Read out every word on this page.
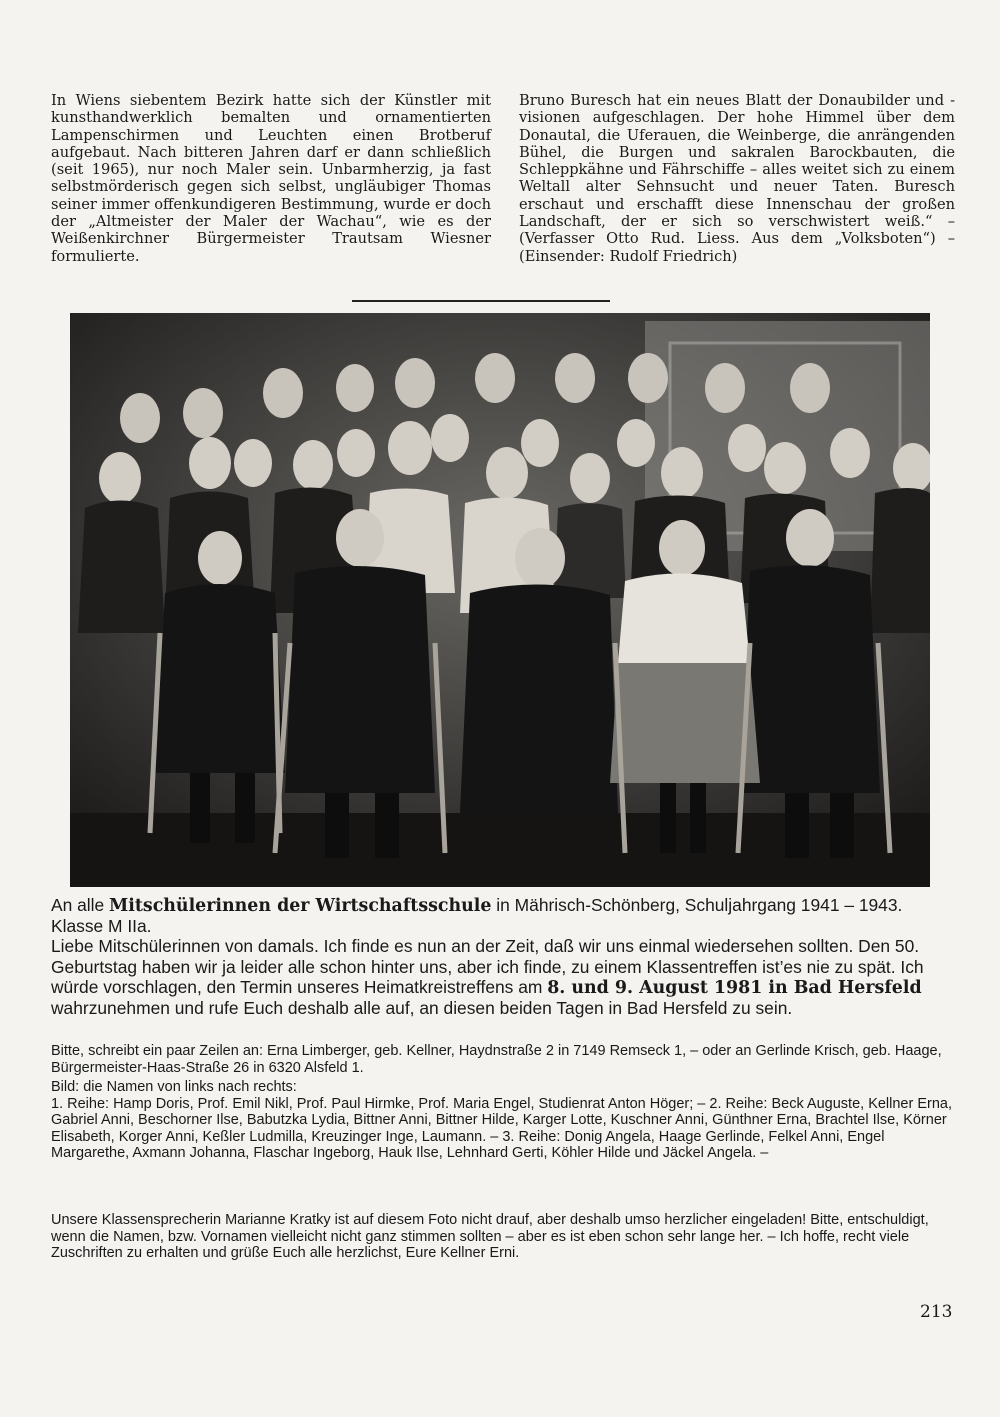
In Wiens siebentem Bezirk hatte sich der Künstler mit kunsthandwerklich bemalten und ornamentierten Lampenschirmen und Leuchten einen Brotberuf aufgebaut. Nach bitteren Jahren darf er dann schließlich (seit 1965), nur noch Maler sein. Unbarmherzig, ja fast selbstmörderisch gegen sich selbst, ungläubiger Thomas seiner immer offenkundigeren Bestimmung, wurde er doch der „Altmeister der Maler der Wachau“, wie es der Weißenkirchner Bürgermeister Trautsam Wiesner formulierte.

Bruno Buresch hat ein neues Blatt der Donaubilder und -visionen aufgeschlagen. Der hohe Himmel über dem Donautal, die Uferauen, die Weinberge, die anrängenden Bühel, die Burgen und sakralen Barockbauten, die Schleppkähne und Fährschiffe – alles weitet sich zu einem Weltall alter Sehnsucht und neuer Taten. Buresch erschaut und erschafft diese Innenschau der großen Landschaft, der er sich so verschwistert weiß.“ – (Verfasser Otto Rud. Liess. Aus dem „Volksboten“) – (Einsender: Rudolf Friedrich)

An alle Mitschülerinnen der Wirtschaftsschule in Mährisch-Schönberg, Schuljahrgang 1941 – 1943. Klasse M IIa.
Liebe Mitschülerinnen von damals. Ich finde es nun an der Zeit, daß wir uns einmal wiedersehen sollten. Den 50. Geburtstag haben wir ja leider alle schon hinter uns, aber ich finde, zu einem Klassentreffen ist’es nie zu spät. Ich würde vorschlagen, den Termin unseres Heimatkreistreffens am 8. und 9. August 1981 in Bad Hersfeld wahrzunehmen und rufe Euch deshalb alle auf, an diesen beiden Tagen in Bad Hersfeld zu sein.

Bitte, schreibt ein paar Zeilen an: Erna Limberger, geb. Kellner, Haydnstraße 2 in 7149 Remseck 1, – oder an Gerlinde Krisch, geb. Haage, Bürgermeister-Haas-Straße 26 in 6320 Alsfeld 1.

Bild: die Namen von links nach rechts:
1. Reihe: Hamp Doris, Prof. Emil Nikl, Prof. Paul Hirmke, Prof. Maria Engel, Studienrat Anton Höger; – 2. Reihe: Beck Auguste, Kellner Erna, Gabriel Anni, Beschorner Ilse, Babutzka Lydia, Bittner Anni, Bittner Hilde, Karger Lotte, Kuschner Anni, Günthner Erna, Brachtel Ilse, Körner Elisabeth, Korger Anni, Keßler Ludmilla, Kreuzinger Inge, Laumann. – 3. Reihe: Donig Angela, Haage Gerlinde, Felkel Anni, Engel Margarethe, Axmann Johanna, Flaschar Ingeborg, Hauk Ilse, Lehnhard Gerti, Köhler Hilde und Jäckel Angela. –

Unsere Klassensprecherin Marianne Kratky ist auf diesem Foto nicht drauf, aber deshalb umso herzlicher eingeladen! Bitte, entschuldigt, wenn die Namen, bzw. Vornamen vielleicht nicht ganz stimmen sollten – aber es ist eben schon sehr lange her. – Ich hoffe, recht viele Zuschriften zu erhalten und grüße Euch alle herzlichst, Eure Kellner Erni.

213
